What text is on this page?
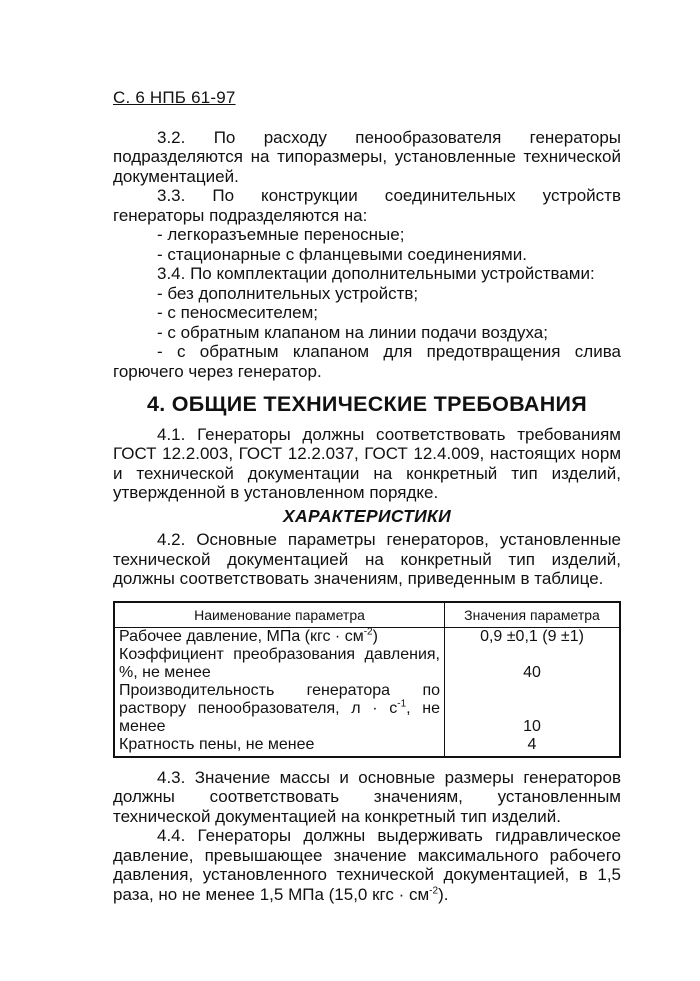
С. 6 НПБ 61-97

3.2. По расходу пенообразователя генераторы подразделяются на типоразмеры, установленные технической документацией.

3.3. По конструкции соединительных устройств генераторы подразделяются на:

- легкоразъемные переносные;

- стационарные с фланцевыми соединениями.

3.4. По комплектации дополнительными устройствами:

- без дополнительных устройств;

- с пеносмесителем;

- с обратным клапаном на линии подачи воздуха;

- с обратным клапаном для предотвращения слива

горючего через генератор.

4. ОБЩИЕ ТЕХНИЧЕСКИЕ ТРЕБОВАНИЯ

4.1. Генераторы должны соответствовать требованиям ГОСТ 12.2.003, ГОСТ 12.2.037, ГОСТ 12.4.009, настоящих норм и технической документации на конкретный тип изделий, утвержденной в установленном порядке.

ХАРАКТЕРИСТИКИ

4.2. Основные параметры генераторов, установленные технической документацией на конкретный тип изделий, должны соответствовать значениям, приведенным в таблице.

Наименование параметра	Значения параметра
Рабочее давление, МПа $(кгс \cdot см^{-2})$	0,9 ±0,1 (9 ±1)
Коэффициент преобразования давления, %, не менее	40
Производительность генератора по раствору пенообразователя, $л \cdot с^{-1}$, не менее	10
Кратность пены, не менее	4

4.3. Значение массы и основные размеры генераторов должны соответствовать значениям, установленным технической документацией на конкретный тип изделий.

4.4. Генераторы должны выдерживать гидравлическое давление, превышающее значение максимального рабочего давления, установленного технической документацией, в 1,5 раза, но не менее 1,5 МПа (15,0 кгс · $см^{-2}$).
